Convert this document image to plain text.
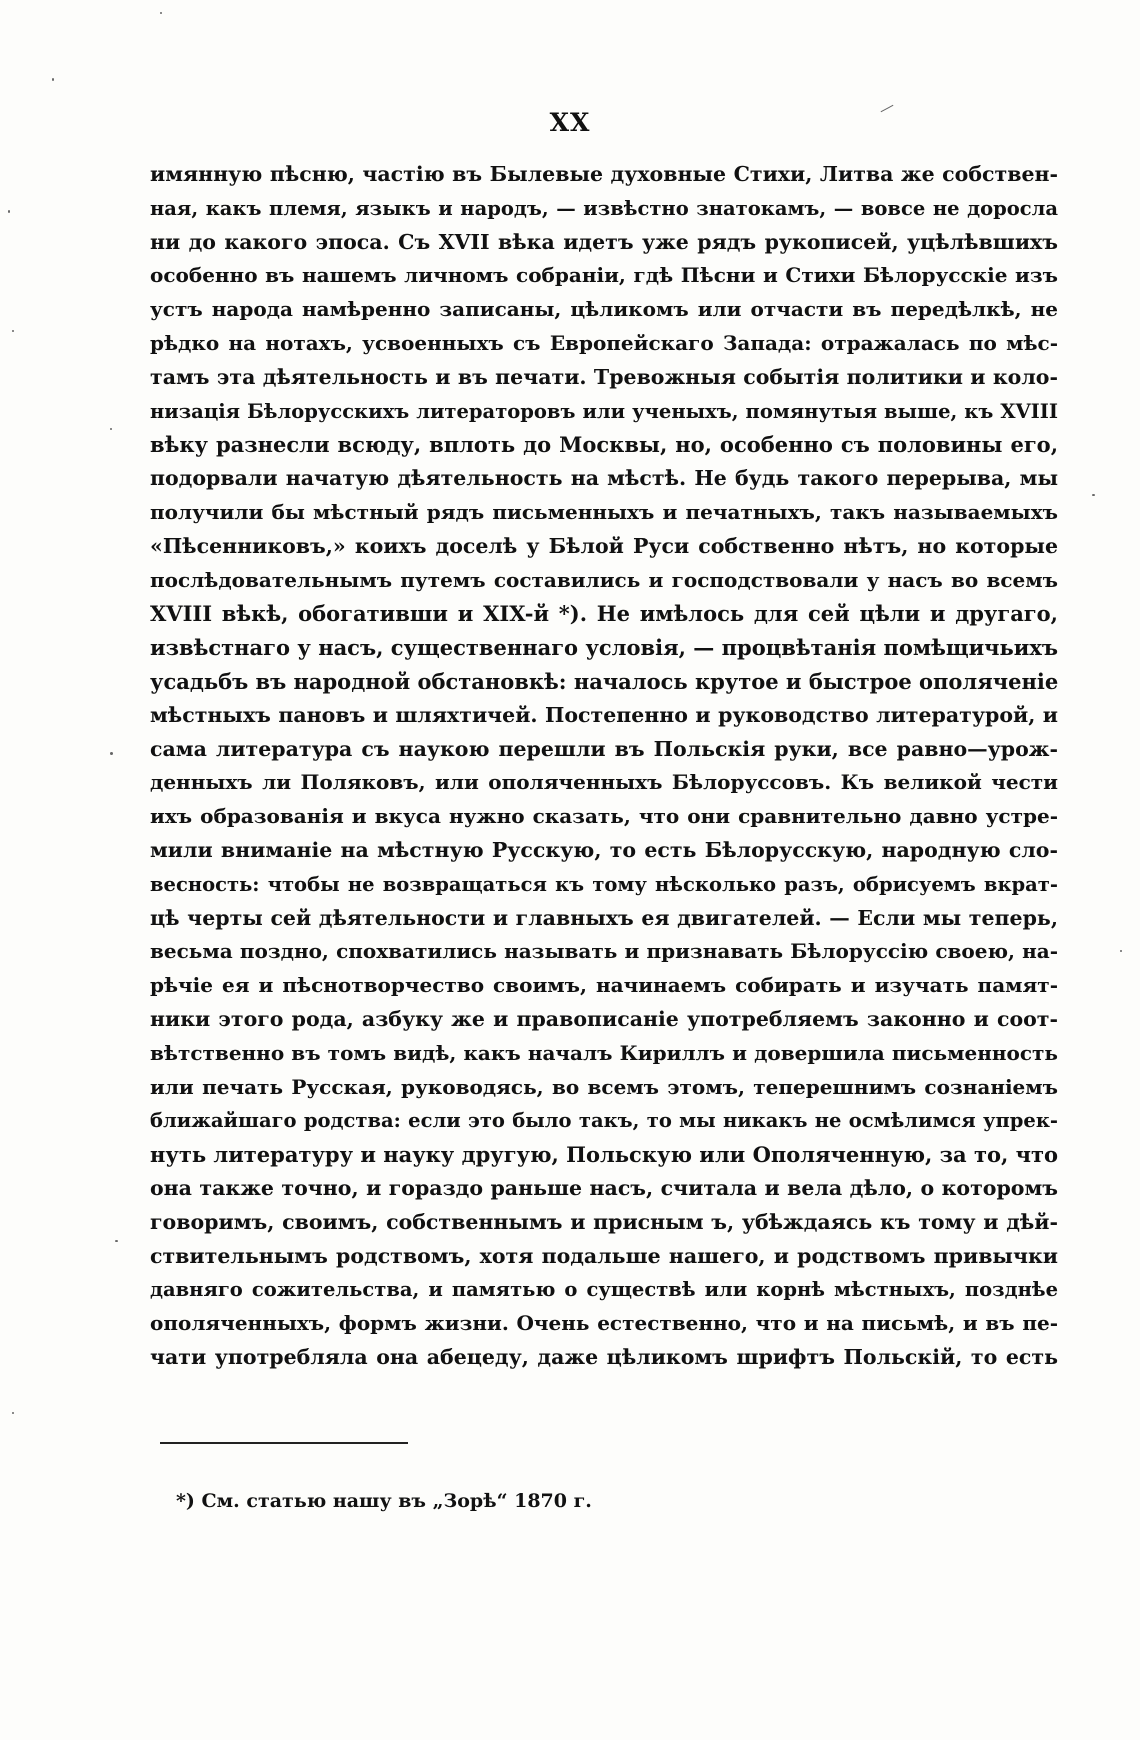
XX
имянную пѣсню, частію въ Былевые духовные Стихи, Литва же собствен-
ная, какъ племя, языкъ и народъ, — извѣстно знатокамъ, — вовсе не доросла
ни до какого эпоса. Съ XVII вѣка идетъ уже рядъ рукописей, уцѣлѣвшихъ
особенно въ нашемъ личномъ собраніи, гдѣ Пѣсни и Стихи Бѣлорусскіе изъ
устъ народа намѣренно записаны, цѣликомъ или отчасти въ передѣлкѣ, не
рѣдко на нотахъ, усвоенныхъ съ Европейскаго Запада: отражалась по мѣс-
тамъ эта дѣятельность и въ печати. Тревожныя событія политики и коло-
низація Бѣлорусскихъ литераторовъ или ученыхъ, помянутыя выше, къ XVIII
вѣку разнесли всюду, вплоть до Москвы, но, особенно съ половины его,
подорвали начатую дѣятельность на мѣстѣ. Не будь такого перерыва, мы
получили бы мѣстный рядъ письменныхъ и печатныхъ, такъ называемыхъ
«Пѣсенниковъ,» коихъ доселѣ у Бѣлой Руси собственно нѣтъ, но которые
послѣдовательнымъ путемъ составились и господствовали у насъ во всемъ
XVIII вѣкѣ, обогативши и XIX-й *). Не имѣлось для сей цѣли и другаго,
извѣстнаго у насъ, существеннаго условія, — процвѣтанія помѣщичьихъ
усадьбъ въ народной обстановкѣ: началось крутое и быстрое ополяченіе
мѣстныхъ пановъ и шляхтичей. Постепенно и руководство литературой, и
сама литература съ наукою перешли въ Польскія руки, все равно—урож-
денныхъ ли Поляковъ, или ополяченныхъ Бѣлоруссовъ. Къ великой чести
ихъ образованія и вкуса нужно сказать, что они сравнительно давно устре-
мили вниманіе на мѣстную Русскую, то есть Бѣлорусскую, народную сло-
весность: чтобы не возвращаться къ тому нѣсколько разъ, обрисуемъ вкрат-
цѣ черты сей дѣятельности и главныхъ ея двигателей. — Если мы теперь,
весьма поздно, спохватились называть и признавать Бѣлоруссію своею, на-
рѣчіе ея и пѣснотворчество своимъ, начинаемъ собирать и изучать памят-
ники этого рода, азбуку же и правописаніе употребляемъ законно и соот-
вѣтственно въ томъ видѣ, какъ началъ Кириллъ и довершила письменность
или печать Русская, руководясь, во всемъ этомъ, теперешнимъ сознаніемъ
ближайшаго родства: если это было такъ, то мы никакъ не осмѣлимся упрек-
нуть литературу и науку другую, Польскую или Ополяченную, за то, что
она также точно, и гораздо раньше насъ, считала и вела дѣло, о которомъ
говоримъ, своимъ, собственнымъ и присным ъ, убѣждаясь къ тому и дѣй-
ствительнымъ родствомъ, хотя подальше нашего, и родствомъ привычки
давняго сожительства, и памятью о существѣ или корнѣ мѣстныхъ, позднѣе
ополяченныхъ, формъ жизни. Очень естественно, что и на письмѣ, и въ пе-
чати употребляла она абецеду, даже цѣликомъ шрифтъ Польскій, то есть
*) См. статью нашу въ „Зорѣ“ 1870 г.
